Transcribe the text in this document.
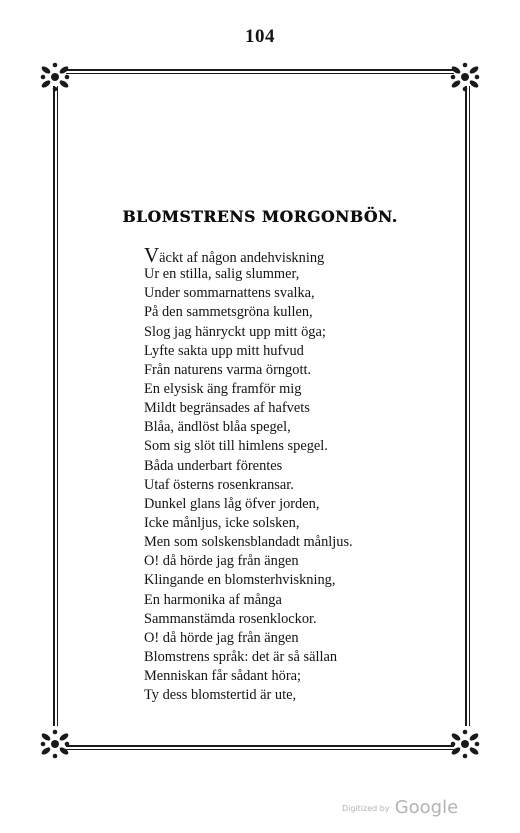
104
BLOMSTRENS MORGONBÖN.
Väckt af någon andehviskning
Ur en stilla, salig slummer,
Under sommarnattens svalka,
På den sammetsgröna kullen,
Slog jag hänryckt upp mitt öga;
Lyfte sakta upp mitt hufvud
Från naturens varma örngott.
En elysisk äng framför mig
Mildt begränsades af hafvets
Blåa, ändlöst blåa spegel,
Som sig slöt till himlens spegel.
Båda underbart förentes
Utaf österns rosenkransar.
Dunkel glans låg öfver jorden,
Icke månljus, icke solsken,
Men som solskensblandadt månljus.
O! då hörde jag från ängen
Klingande en blomsterhviskning,
En harmonika af många
Sammanstämda rosenklockor.
O! då hörde jag från ängen
Blomstrens språk: det är så sällan
Menniskan får sådant höra;
Ty dess blomstertid är ute,
Digitized by Google
